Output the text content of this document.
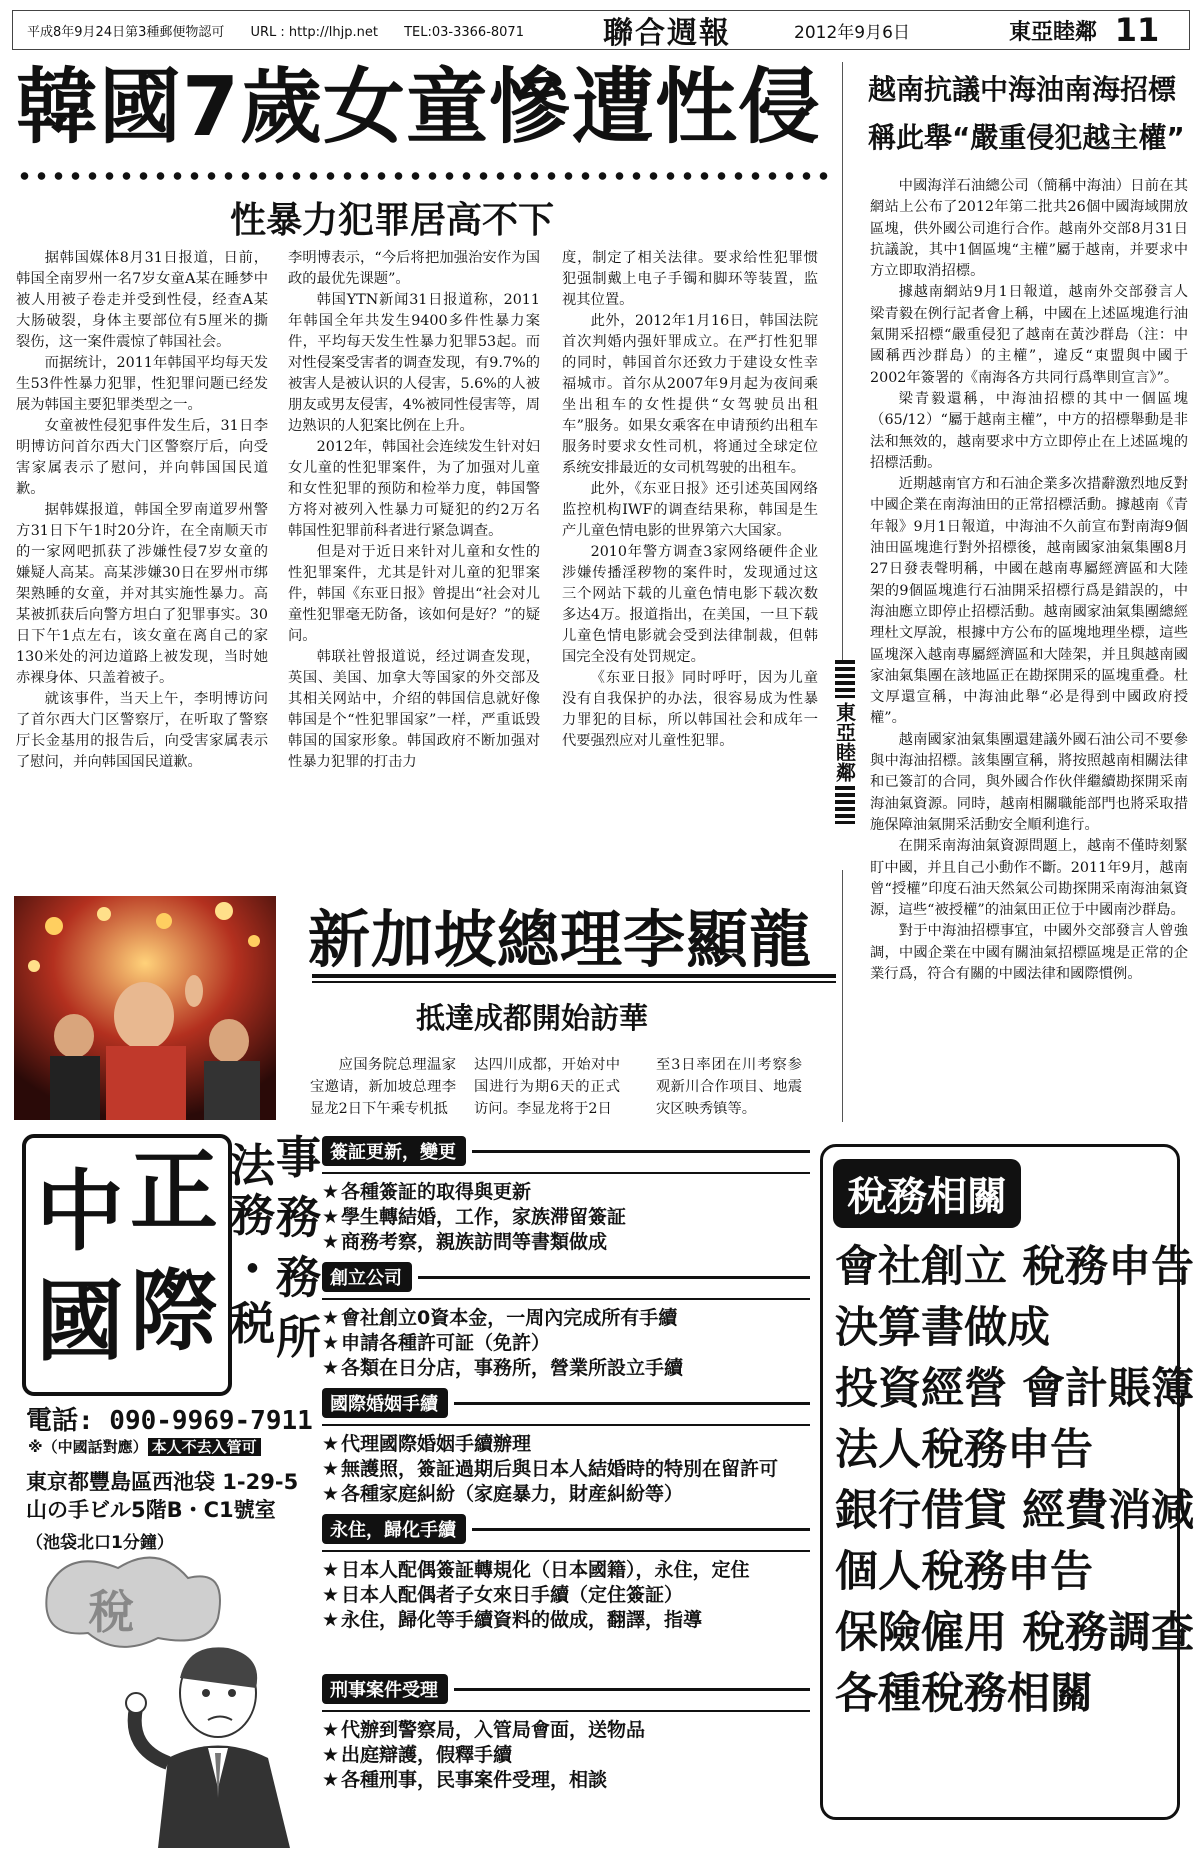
平成8年9月24日第3種郵便物認可 URL : http://lhjp.net TEL:03-3366-8071	聯合週報	2012年9月6日	東亞睦鄰 11
韓國7歲女童慘遭性侵
性暴力犯罪居高不下

据韩国媒体8月31日报道，日前，韩国全南罗州一名7岁女童A某在睡梦中被人用被子卷走并受到性侵，经查A某大肠破裂，身体主要部位有5厘米的撕裂伤，这一案件震惊了韩国社会。

而据统计，2011年韩国平均每天发生53件性暴力犯罪，性犯罪问题已经发展为韩国主要犯罪类型之一。

女童被性侵犯事件发生后，31日李明博访问首尔西大门区警察厅后，向受害家属表示了慰问，并向韩国国民道歉。

据韩媒报道，韩国全罗南道罗州警方31日下午1时20分许，在全南顺天市的一家网吧抓获了涉嫌性侵7岁女童的嫌疑人高某。高某涉嫌30日在罗州市绑架熟睡的女童，并对其实施性暴力。高某被抓获后向警方坦白了犯罪事实。30日下午1点左右，该女童在离自己的家130米处的河边道路上被发现，当时她赤裸身体、只盖着被子。

就该事件，当天上午，李明博访问了首尔西大门区警察厅，在听取了警察厅长金基用的报告后，向受害家属表示了慰问，并向韩国国民道歉。

李明博表示，“今后将把加强治安作为国政的最优先课题”。

韩国YTN新闻31日报道称，2011年韩国全年共发生9400多件性暴力案件，平均每天发生性暴力犯罪53起。而对性侵案受害者的调查发现，有9.7%的被害人是被认识的人侵害，5.6%的人被朋友或男友侵害，4%被同性侵害等，周边熟识的人犯案比例在上升。

2012年，韩国社会连续发生针对妇女儿童的性犯罪案件，为了加强对儿童和女性犯罪的预防和检举力度，韩国警方将对被列入性暴力可疑犯的约2万名韩国性犯罪前科者进行紧急调查。

但是对于近日来针对儿童和女性的性犯罪案件，尤其是针对儿童的犯罪案件，韩国《东亚日报》曾提出“社会对儿童性犯罪毫无防备，该如何是好？”的疑问。

韩联社曾报道说，经过调查发现，英国、美国、加拿大等国家的外交部及其相关网站中，介绍的韩国信息就好像韩国是个“性犯罪国家”一样，严重诋毁韩国的国家形象。韩国政府不断加强对性暴力犯罪的打击力

度，制定了相关法律。要求给性犯罪惯犯强制戴上电子手镯和脚环等装置，监视其位置。

此外，2012年1月16日，韩国法院首次判婚内强奸罪成立。在严打性犯罪的同时，韩国首尔还致力于建设女性幸福城市。首尔从2007年9月起为夜间乘坐出租车的女性提供“女驾驶员出租车”服务。如果女乘客在申请预约出租车服务时要求女性司机，将通过全球定位系统安排最近的女司机驾驶的出租车。

此外，《东亚日报》还引述英国网络监控机构IWF的调查结果称，韩国是生产儿童色情电影的世界第六大国家。

2010年警方调查3家网络硬件企业涉嫌传播淫秽物的案件时，发现通过这三个网站下载的儿童色情电影下载次数多达4万。报道指出，在美国，一旦下载儿童色情电影就会受到法律制裁，但韩国完全没有处罚规定。

《东亚日报》同时呼吁，因为儿童没有自我保护的办法，很容易成为性暴力罪犯的目标，所以韩国社会和成年一代要强烈应对儿童性犯罪。

越南抗議中海油南海招標
稱此舉“嚴重侵犯越主權”

中國海洋石油總公司（簡稱中海油）日前在其網站上公布了2012年第二批共26個中國海域開放區塊，供外國公司進行合作。越南外交部8月31日抗議說，其中1個區塊“主權”屬于越南，并要求中方立即取消招標。

據越南網站9月1日報道，越南外交部發言人梁青毅在例行記者會上稱，中國在上述區塊進行油氣開采招標“嚴重侵犯了越南在黃沙群島（注：中國稱西沙群島）的主權”，違反“東盟與中國于2002年簽署的《南海各方共同行爲準則宣言》”。

梁青毅還稱，中海油招標的其中一個區塊（65/12）“屬于越南主權”，中方的招標舉動是非法和無效的，越南要求中方立即停止在上述區塊的招標活動。

近期越南官方和石油企業多次措辭激烈地反對中國企業在南海油田的正常招標活動。據越南《青年報》9月1日報道，中海油不久前宣布對南海9個油田區塊進行對外招標後，越南國家油氣集團8月27日發表聲明稱，中國在越南專屬經濟區和大陸架的9個區塊進行石油開采招標行爲是錯誤的，中海油應立即停止招標活動。越南國家油氣集團總經理杜文厚說，根據中方公布的區塊地理坐標，這些區塊深入越南專屬經濟區和大陸架，并且與越南國家油氣集團在該地區正在勘探開采的區塊重叠。杜文厚還宣稱，中海油此舉“必是得到中國政府授權”。

越南國家油氣集團還建議外國石油公司不要參與中海油招標。該集團宣稱，將按照越南相關法律和已簽訂的合同，與外國合作伙伴繼續勘探開采南海油氣資源。同時，越南相關職能部門也將采取措施保障油氣開采活動安全順利進行。

在開采南海油氣資源問題上，越南不僅時刻緊盯中國，并且自己小動作不斷。2011年9月，越南曾“授權”印度石油天然氣公司勘探開采南海油氣資源，這些“被授權”的油氣田正位于中國南沙群島。

對于中海油招標事宜，中國外交部發言人曾強調，中國企業在中國有關油氣招標區塊是正常的企業行爲，符合有關的中國法律和國際慣例。

東亞睦鄰
新加坡總理李顯龍
抵達成都開始訪華

应国务院总理温家宝邀请，新加坡总理李显龙2日下午乘专机抵

达四川成都，开始对中国进行为期6天的正式访问。李显龙将于2日

至3日率团在川考察参观新川合作项目、地震灾区映秀镇等。

中 正
國 際
法 事
務 務
・
税
務
所
電話: 090-9969-7911
※（中國話對應） 本人不去入管可
東京都豐島區西池袋 1-29-5
山の手ビル5階B・C1號室
（池袋北口1分鐘）
簽証更新，變更
★ 各種簽証的取得與更新
★ 學生轉結婚，工作，家族滞留簽証
★ 商務考察，親族訪問等書類做成
創立公司
★ 會社創立0資本金，一周內完成所有手續
★ 申請各種許可証（免許）
★ 各類在日分店，事務所，營業所設立手續
國際婚姻手續
★ 代理國際婚姻手續辦理
★ 無護照，簽証過期后與日本人結婚時的特別在留許可
★ 各種家庭糾紛（家庭暴力，財産糾紛等）
永住，歸化手續
★ 日本人配偶簽証轉規化（日本國籍），永住，定住
★ 日本人配偶者子女來日手續（定住簽証）
★ 永住，歸化等手續資料的做成，翻譯，指導
刑事案件受理
★ 代辦到警察局，入管局會面，送物品
★ 出庭辯護，假釋手續
★ 各種刑事，民事案件受理，相談
稅
稅務相關
會社創立 稅務申告
決算書做成
投資經營 會計賬簿
法人稅務申告
銀行借貸 經費消減
個人稅務申告
保險僱用 稅務調查
各種稅務相關
